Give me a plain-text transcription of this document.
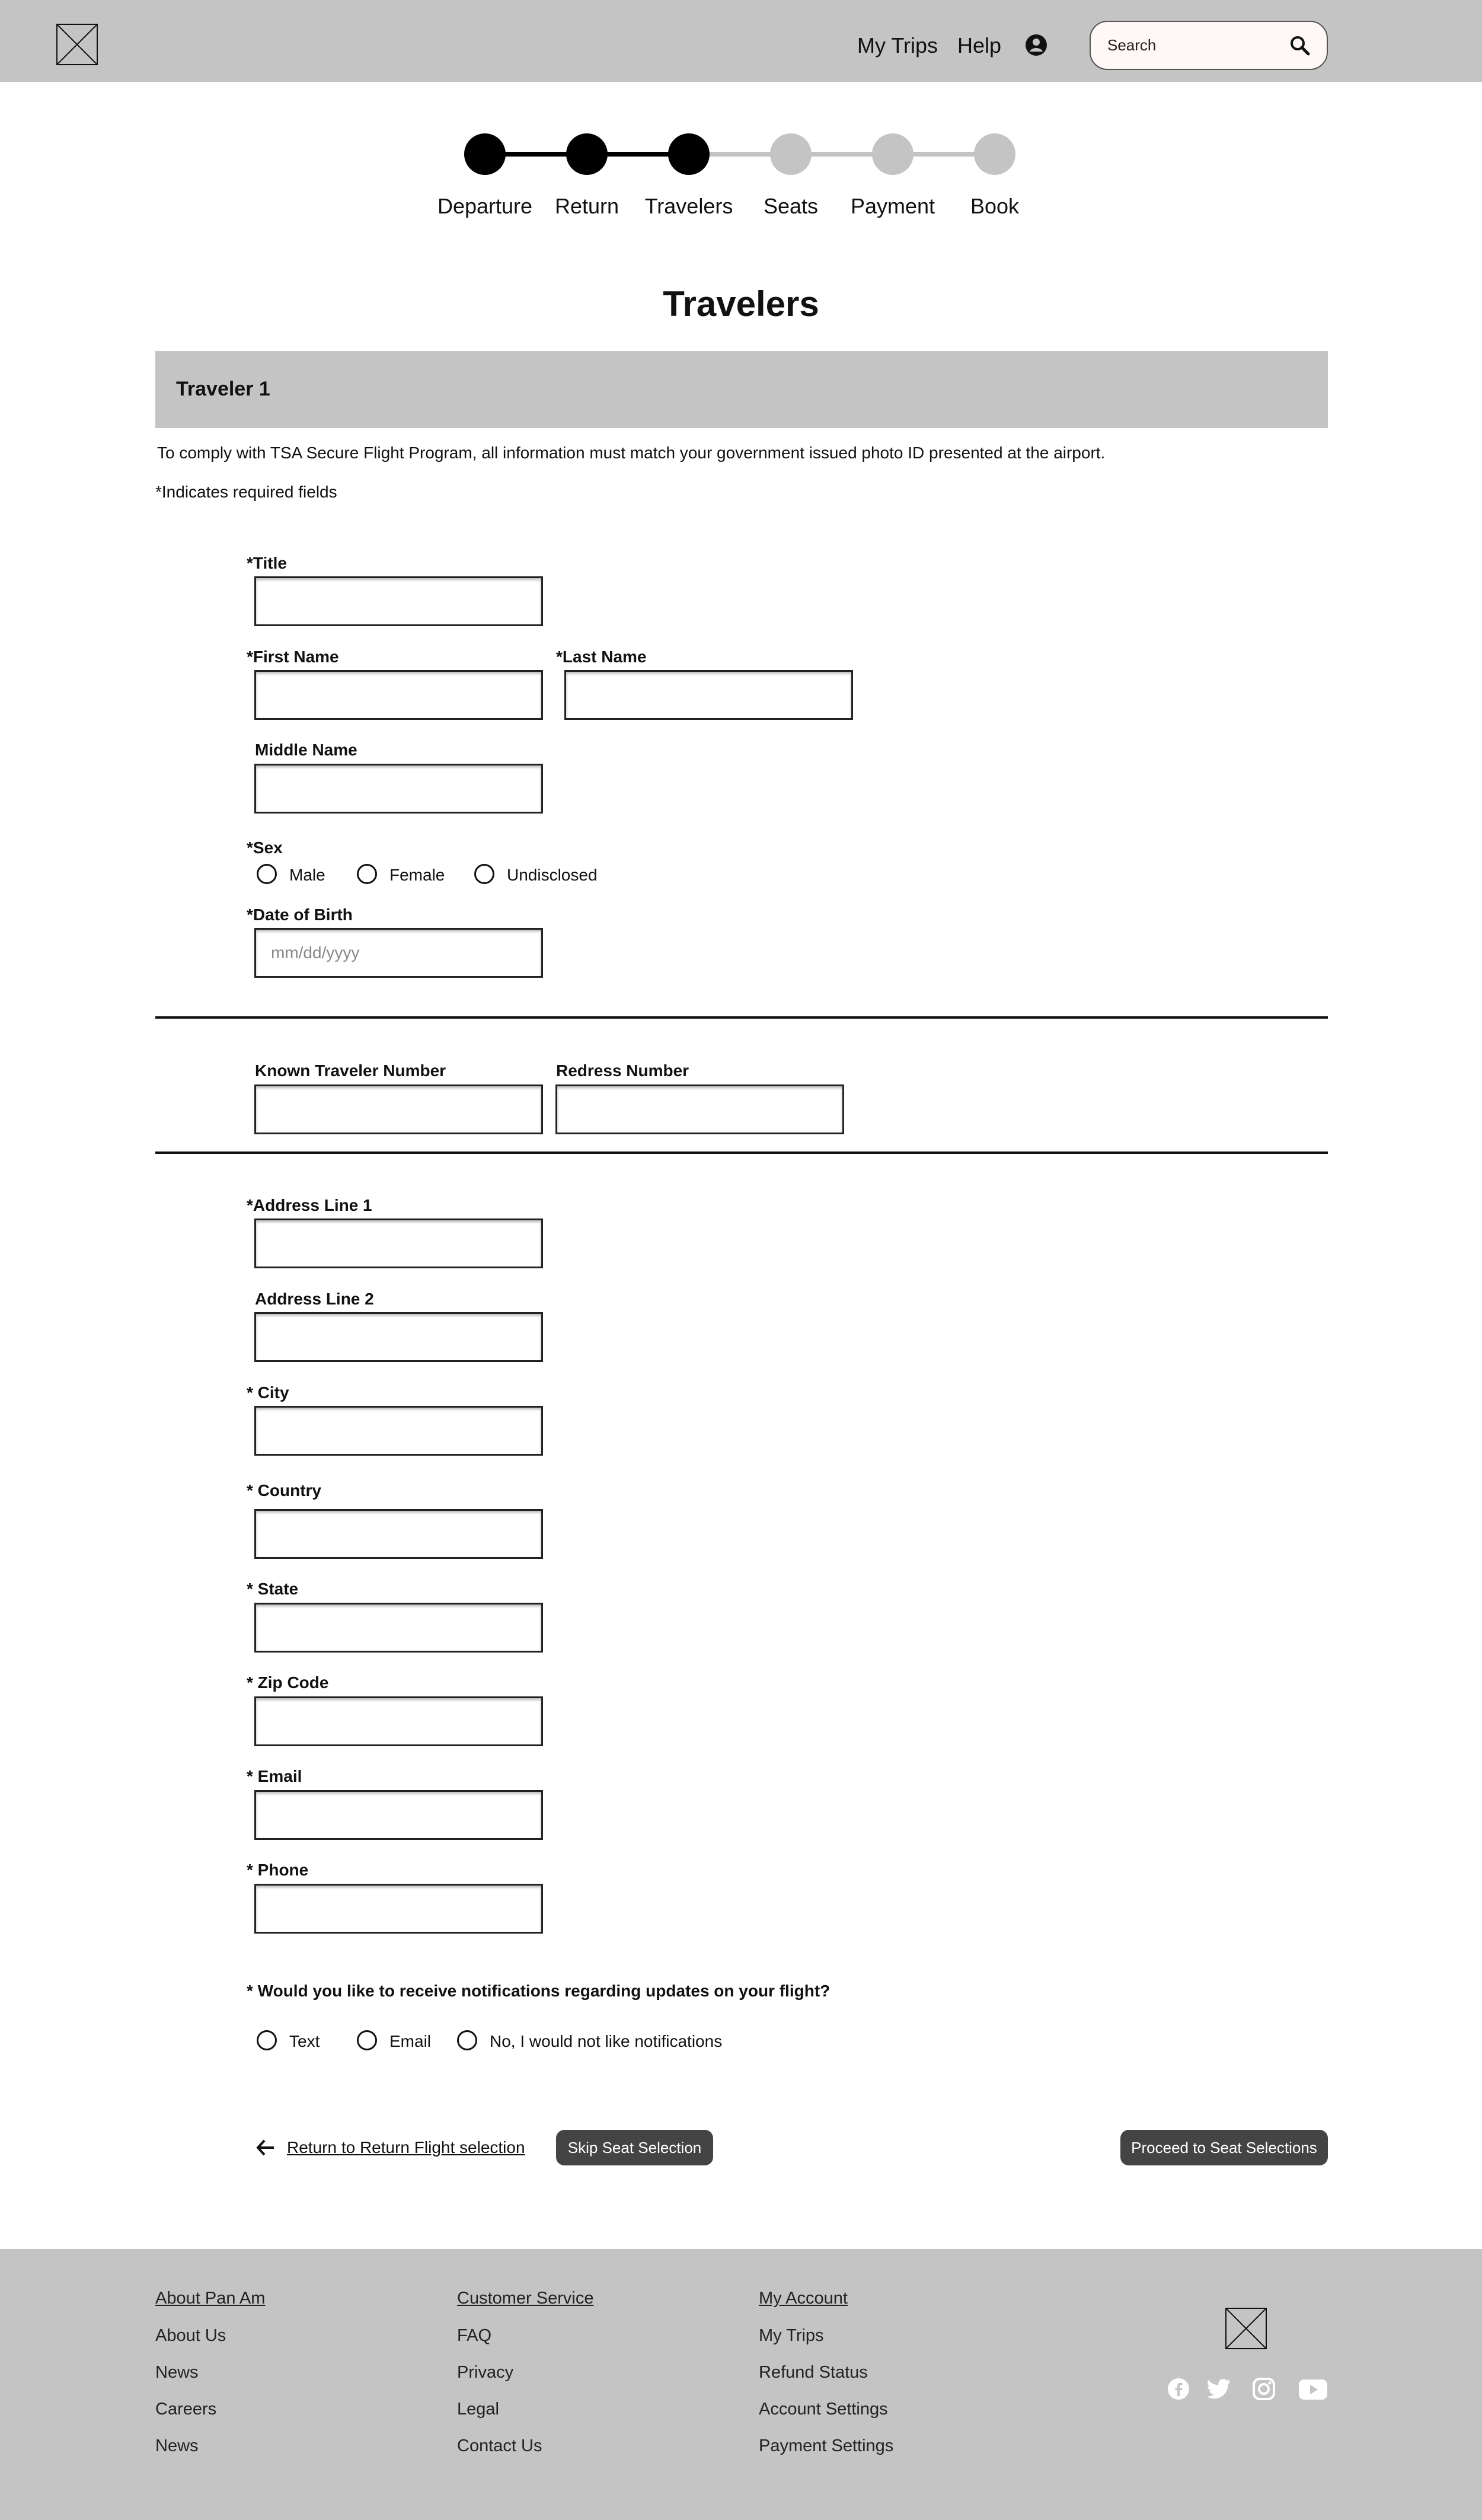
My Trips Help	Search
Departure	Return	Travelers	Seats	Payment	Book
Travelers
Traveler 1
To comply with TSA Secure Flight Program, all information must match your government issued photo ID presented at the airport.
*Indicates required fields
*Title
*First Name	*Last Name
Middle Name
*Sex
Male	Female	Undisclosed
*Date of Birth
mm/dd/yyyy
Known Traveler Number	Redress Number
*Address Line 1
Address Line 2
* City
* Country
* State
* Zip Code
* Email
* Phone
* Would you like to receive notifications regarding updates on your flight?
Text	Email	No, I would not like notifications
Return to Return Flight selection	Skip Seat Selection	Proceed to Seat Selections
About Pan Am
About Us
News
Careers
News
Customer Service
FAQ
Privacy
Legal
Contact Us
My Account
My Trips
Refund Status
Account Settings
Payment Settings
